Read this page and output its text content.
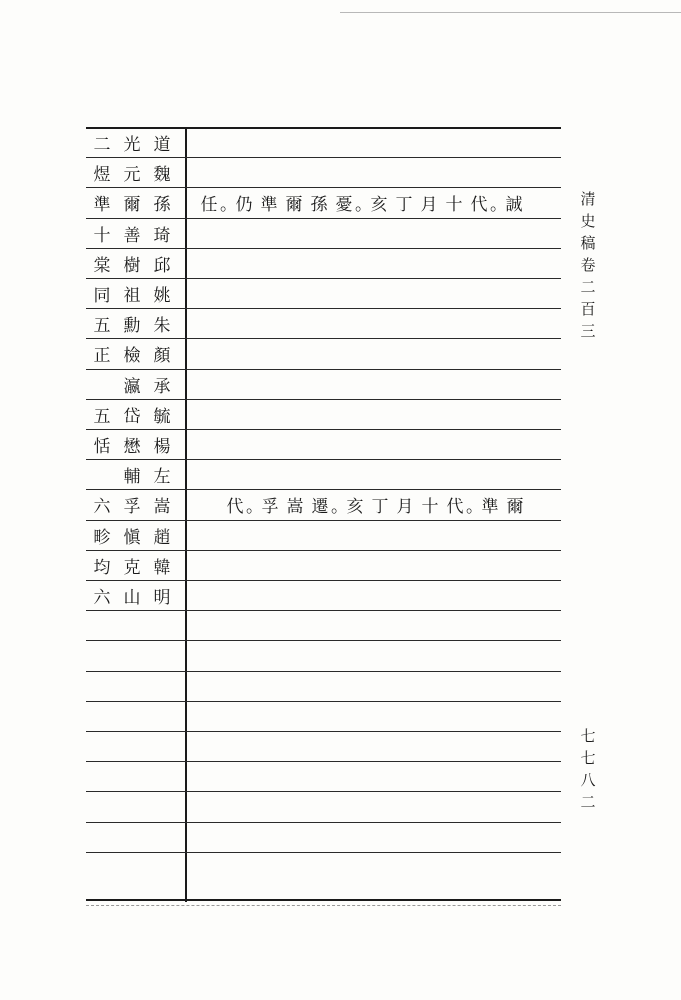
二 光 道
煜 元 魏
準 爾 孫
十 善 琦
棠 樹 邱
同 祖 姚
五 勳 朱
正 檢 顏
瀛 承
五 岱 毓
恬 懋 楊
輔 左
六 孚 嵩
畛 愼 趙
均 克 韓
六 山 明
任 。
仍 準 爾 孫 憂 。
亥 丁 月 十 代 。
誠
代 。
孚 嵩 遷 。
亥 丁 月 十 代 。
準 爾
清
史
稿
卷
二
百
三
七
七
八
二
